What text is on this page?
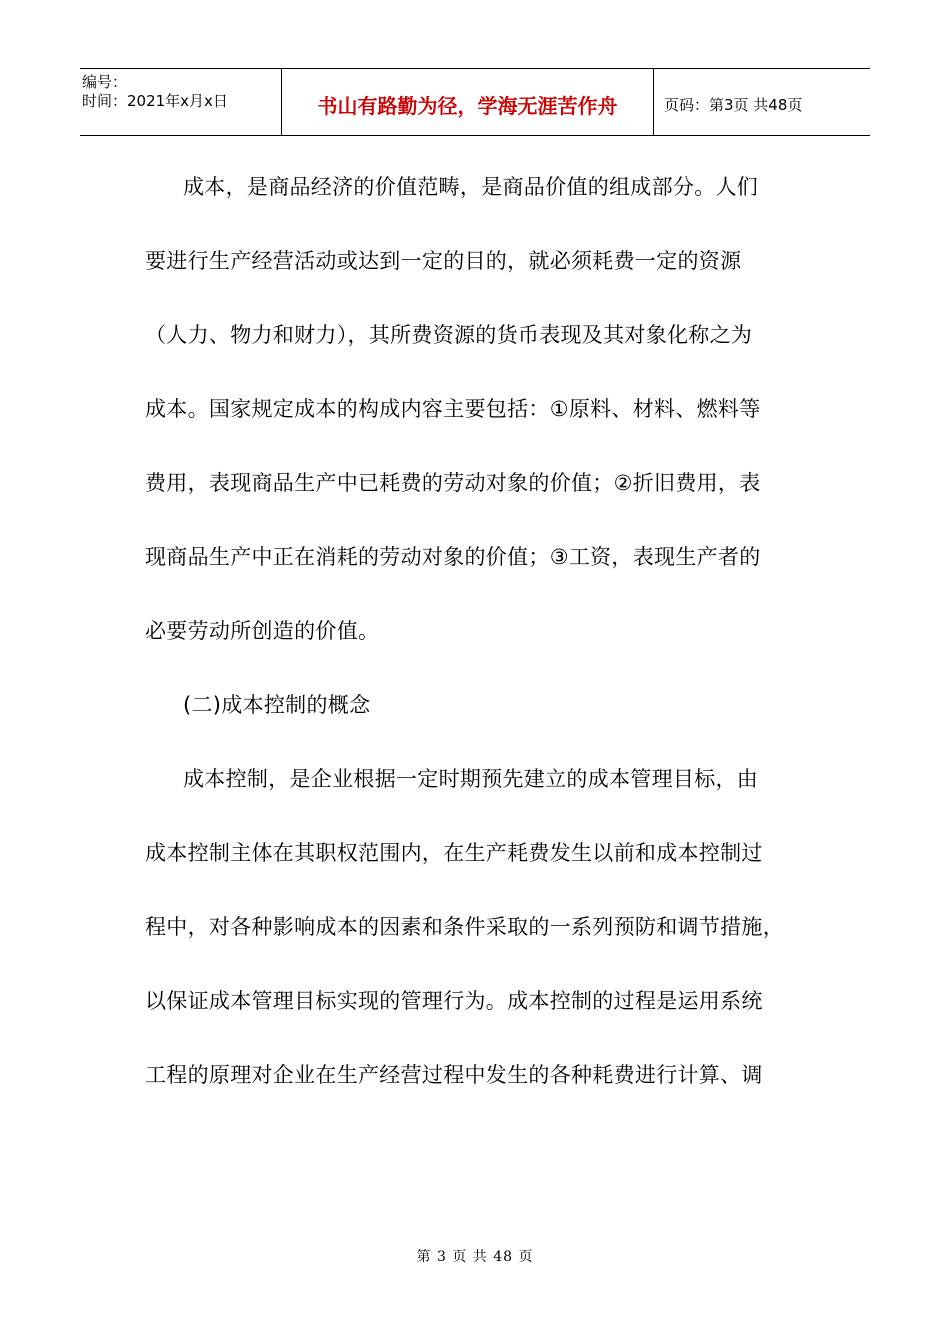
编号：
时间：2021年x月x日	书山有路勤为径，学海无涯苦作舟	页码：第3页 共48页
成本，是商品经济的价值范畴，是商品价值的组成部分。人们
要进行生产经营活动或达到一定的目的，就必须耗费一定的资源
（人力、物力和财力），其所费资源的货币表现及其对象化称之为
成本。国家规定成本的构成内容主要包括：①原料、材料、燃料等
费用，表现商品生产中已耗费的劳动对象的价值；②折旧费用，表
现商品生产中正在消耗的劳动对象的价值；③工资，表现生产者的
必要劳动所创造的价值。
(二)成本控制的概念
成本控制，是企业根据一定时期预先建立的成本管理目标，由
成本控制主体在其职权范围内，在生产耗费发生以前和成本控制过
程中，对各种影响成本的因素和条件采取的一系列预防和调节措施，
以保证成本管理目标实现的管理行为。成本控制的过程是运用系统
工程的原理对企业在生产经营过程中发生的各种耗费进行计算、调
第 3 页 共 48 页
